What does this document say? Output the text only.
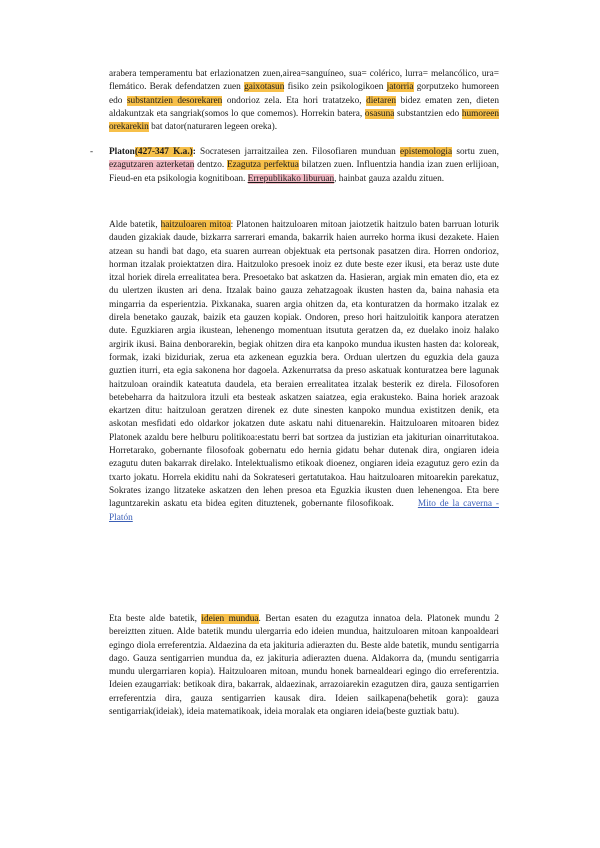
arabera temperamentu bat erlazionatzen zuen,airea=sanguíneo, sua= colérico, lurra= melancólico, ura= flemático. Berak defendatzen zuen gaixotasun fisiko zein psikologikoen jatorria gorputzeko humoreen edo substantzien desorekaren ondorioz zela. Eta hori tratatzeko, dietaren bidez ematen zen, dieten aldakuntzak eta sangriak(somos lo que comemos). Horrekin batera, osasuna substantzien edo humoreen orekarekin bat dator(naturaren legeen oreka).

- Platon(427-347 K.a.): Socratesen jarraitzailea zen. Filosofiaren munduan epistemologia sortu zuen, ezagutzaren azterketan dentzo. Ezagutza perfektua bilatzen zuen. Influentzia handia izan zuen erlijioan, Fieud-en eta psikologia kognitiboan. Errepublikako liburuan, hainbat gauza azaldu zituen.

Alde batetik, haitzuloaren mitoa: Platonen haitzuloaren mitoan jaiotzetik haitzulo baten barruan loturik dauden gizakiak daude, bizkarra sarrerari emanda, bakarrik haien aurreko horma ikusi dezakete. Haien atzean su handi bat dago, eta suaren aurrean objektuak eta pertsonak pasatzen dira. Horren ondorioz, horman itzalak proiektatzen dira. Haitzuloko presoek inoiz ez dute beste ezer ikusi, eta beraz uste dute itzal horiek direla errealitatea bera. Presoetako bat askatzen da. Hasieran, argiak min ematen dio, eta ez du ulertzen ikusten ari dena. Itzalak baino gauza zehatzagoak ikusten hasten da, baina nahasia eta mingarria da esperientzia. Pixkanaka, suaren argia ohitzen da, eta konturatzen da hormako itzalak ez direla benetako gauzak, baizik eta gauzen kopiak. Ondoren, preso hori haitzuloitik kanpora ateratzen dute. Eguzkiaren argia ikustean, lehenengo momentuan itsututa geratzen da, ez duelako inoiz halako argirik ikusi. Baina denborarekin, begiak ohitzen dira eta kanpoko mundua ikusten hasten da: koloreak, formak, izaki biziduriak, zerua eta azkenean eguzkia bera. Orduan ulertzen du eguzkia dela gauza guztien iturri, eta egia sakonena hor dagoela. Azkenurratsa da preso askatuak konturatzea bere lagunak haitzuloan oraindik kateatuta daudela, eta beraien errealitatea itzalak besterik ez direla. Filosoforen betebeharra da haitzulora itzuli eta besteak askatzen saiatzea, egia erakusteko. Baina horiek arazoak ekartzen ditu: haitzuloan geratzen direnek ez dute sinesten kanpoko mundua existitzen denik, eta askotan mesfidati edo oldarkor jokatzen dute askatu nahi dituenarekin. Haitzuloaren mitoaren bidez Platonek azaldu bere helburu politikoa:estatu berri bat sortzea da justizian eta jakiturian oinarritutakoa. Horretarako, gobernante filosofoak gobernatu edo hernia gidatu behar dutenak dira, ongiaren ideia ezagutu duten bakarrak direlako. Intelektualismo etikoak dioenez, ongiaren ideia ezagutuz gero ezin da txarto jokatu. Horrela ekiditu nahi da Sokrateseri gertatutakoa. Hau haitzuloaren mitoarekin parekatuz, Sokrates izango litzateke askatzen den lehen presoa eta Eguzkia ikusten duen lehenengoa. Eta bere laguntzarekin askatu eta bidea egiten dituztenek, gobernante filosofikoak.	Mito de la caverna - Platón

Eta beste alde batetik, ideien mundua. Bertan esaten du ezagutza innatoa dela. Platonek mundu 2 bereiztten zituen. Alde batetik mundu ulergarria edo ideien mundua, haitzuloaren mitoan kanpoaldeari egingo diola erreferentzia. Aldaezina da eta jakituria adierazten du. Beste alde batetik, mundu sentigarria dago. Gauza sentigarrien mundua da, ez jakituria adierazten duena. Aldakorra da, (mundu sentigarria mundu ulergarriaren kopia). Haitzuloaren mitoan, mundu honek barnealdeari egingo dio erreferentzia. Ideien ezaugarriak: betikoak dira, bakarrak, aldaezinak, arrazoiarekin ezagutzen dira, gauza sentigarrien erreferentzia dira, gauza sentigarrien kausak dira. Ideien sailkapena(behetik gora): gauza sentigarriak(ideiak), ideia matematikoak, ideia moralak eta ongiaren ideia(beste guztiak batu).
